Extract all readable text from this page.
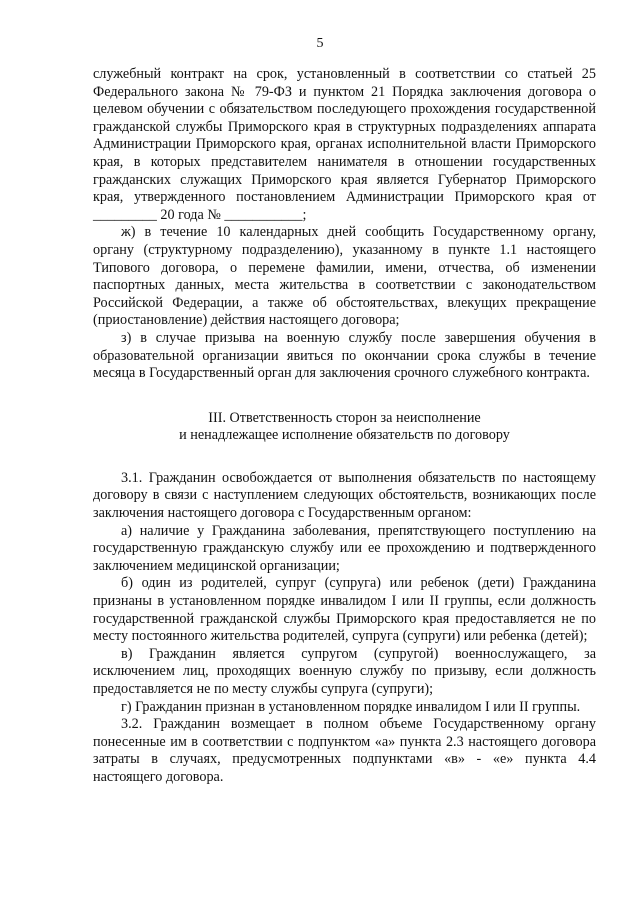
5

служебный контракт на срок, установленный в соответствии со статьей 25 Федерального закона № 79-ФЗ и пунктом 21 Порядка заключения договора о целевом обучении с обязательством последующего прохождения государственной гражданской службы Приморского края в структурных подразделениях аппарата Администрации Приморского края, органах исполнительной власти Приморского края, в которых представителем нанимателя в отношении государственных гражданских служащих Приморского края является Губернатор Приморского края, утвержденного постановлением Администрации Приморского края от _________ 20 года № ___________;

ж) в течение 10 календарных дней сообщить Государственному органу, органу (структурному подразделению), указанному в пункте 1.1 настоящего Типового договора, о перемене фамилии, имени, отчества, об изменении паспортных данных, места жительства в соответствии с законодательством Российской Федерации, а также об обстоятельствах, влекущих прекращение (приостановление) действия настоящего договора;

з) в случае призыва на военную службу после завершения обучения в образовательной организации явиться по окончании срока службы в течение месяца в Государственный орган для заключения срочного служебного контракта.

III. Ответственность сторон за неисполнение
и ненадлежащее исполнение обязательств по договору

3.1. Гражданин освобождается от выполнения обязательств по настоящему договору в связи с наступлением следующих обстоятельств, возникающих после заключения настоящего договора с Государственным органом:

а) наличие у Гражданина заболевания, препятствующего поступлению на государственную гражданскую службу или ее прохождению и подтвержденного заключением медицинской организации;

б) один из родителей, супруг (супруга) или ребенок (дети) Гражданина признаны в установленном порядке инвалидом I или II группы, если должность государственной гражданской службы Приморского края предоставляется не по месту постоянного жительства родителей, супруга (супруги) или ребенка (детей);

в) Гражданин является супругом (супругой) военнослужащего, за исключением лиц, проходящих военную службу по призыву, если должность предоставляется не по месту службы супруга (супруги);

г) Гражданин признан в установленном порядке инвалидом I или II группы.

3.2. Гражданин возмещает в полном объеме Государственному органу понесенные им в соответствии с подпунктом «а» пункта 2.3 настоящего договора затраты в случаях, предусмотренных подпунктами «в» - «е» пункта 4.4 настоящего договора.
